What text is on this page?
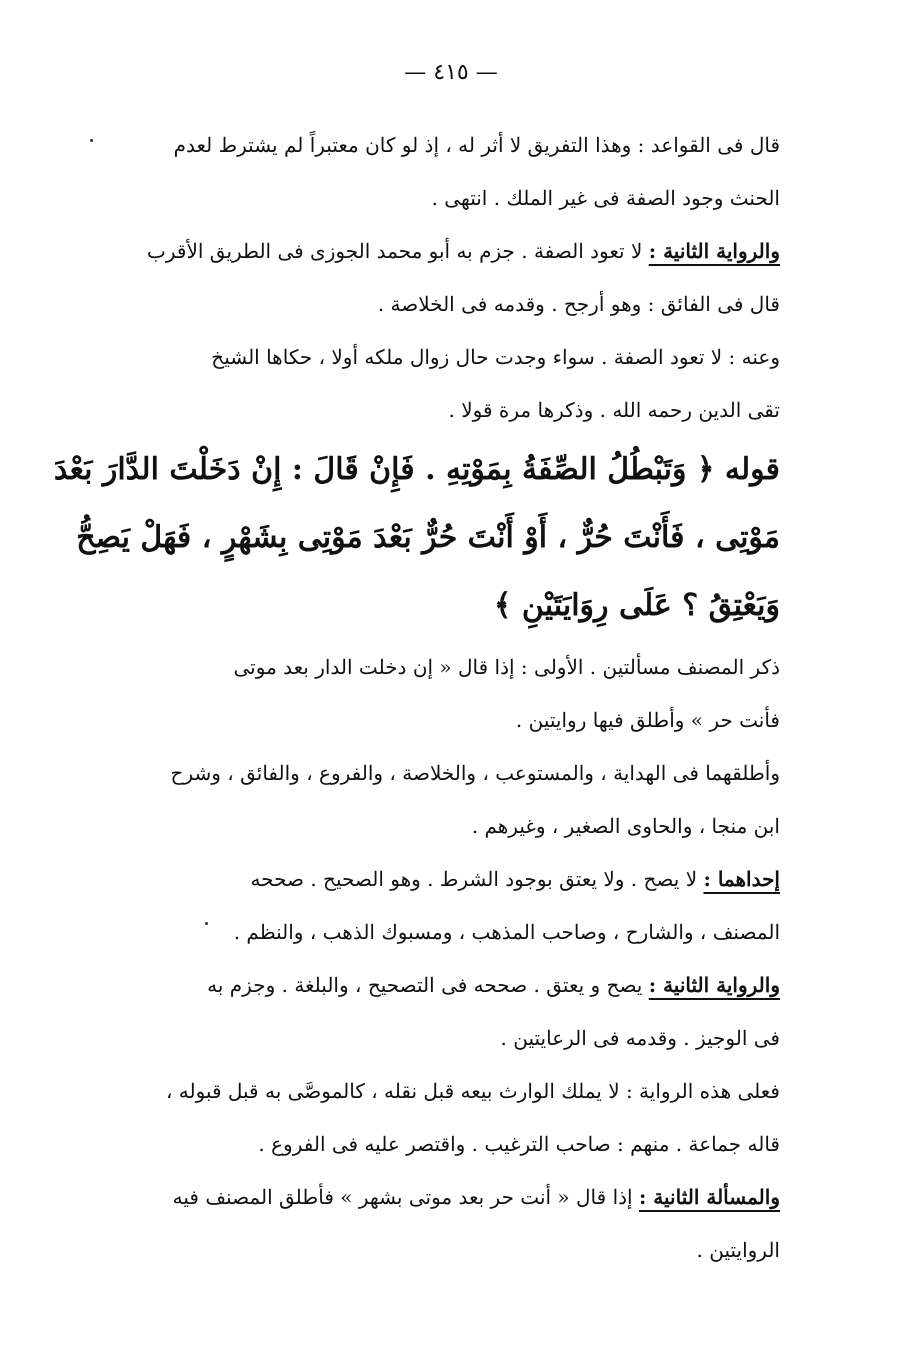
— ٤١٥ —
قال فى القواعد : وهذا التفريق لا أثر له ، إذ لو كان معتبراً لم يشترط لعدم
الحنث وجود الصفة فى غير الملك . انتهى .
والرواية الثانية : لا تعود الصفة . جزم به أبو محمد الجوزى فى الطريق الأقرب
قال فى الفائق : وهو أرجح . وقدمه فى الخلاصة .
وعنه : لا تعود الصفة . سواء وجدت حال زوال ملكه أولا ، حكاها الشيخ
تقى الدين رحمه الله . وذكرها مرة قولا .
قوله ﴿ وَتَبْطُلُ الصِّفَةُ بِمَوْتِهِ . فَإِنْ قَالَ : إِنْ دَخَلْتَ الدَّارَ بَعْدَ
مَوْتِى ، فَأَنْتَ حُرٌّ ، أَوْ أَنْتَ حُرٌّ بَعْدَ مَوْتِى بِشَهْرٍ ، فَهَلْ يَصِحُّ
وَيَعْتِقُ ؟ عَلَى رِوَايَتَيْنِ ﴾
ذكر المصنف مسألتين . الأولى : إذا قال « إن دخلت الدار بعد موتى
فأنت حر » وأطلق فيها روايتين .
وأطلقهما فى الهداية ، والمستوعب ، والخلاصة ، والفروع ، والفائق ، وشرح
ابن منجا ، والحاوى الصغير ، وغيرهم .
إحداهما : لا يصح . ولا يعتق بوجود الشرط . وهو الصحيح . صححه
المصنف ، والشارح ، وصاحب المذهب ، ومسبوك الذهب ، والنظم .
والرواية الثانية : يصح و يعتق . صححه فى التصحيح ، والبلغة . وجزم به
فى الوجيز . وقدمه فى الرعايتين .
فعلى هذه الرواية : لا يملك الوارث بيعه قبل نقله ، كالموصَّى به قبل قبوله ،
قاله جماعة . منهم : صاحب الترغيب . واقتصر عليه فى الفروع .
والمسألة الثانية : إذا قال « أنت حر بعد موتى بشهر » فأطلق المصنف فيه
الروايتين .
